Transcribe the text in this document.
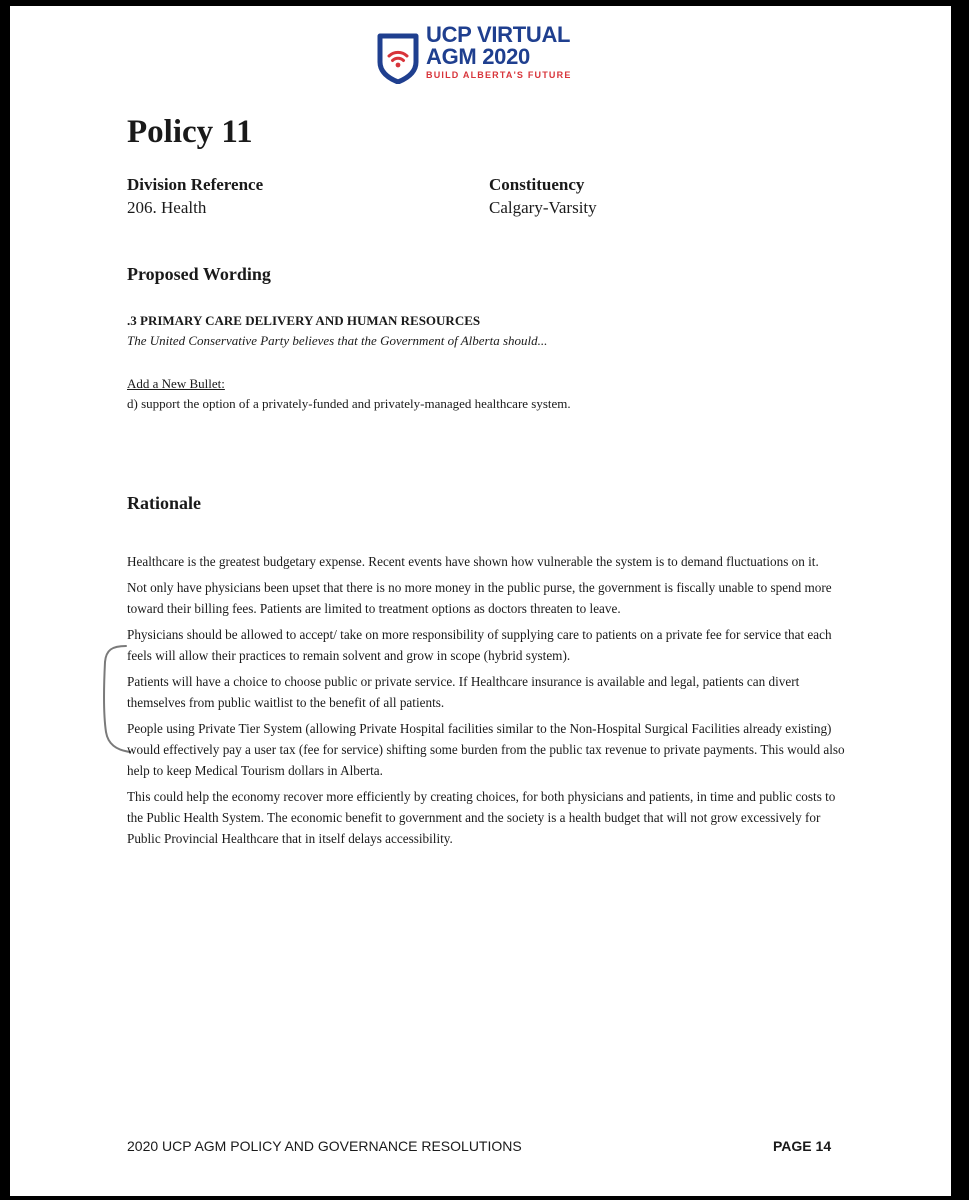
UCP VIRTUAL
AGM 2020
BUILD ALBERTA'S FUTURE
Policy 11
Division Reference
206. Health
Constituency
Calgary-Varsity
Proposed Wording
.3 PRIMARY CARE DELIVERY AND HUMAN RESOURCES
The United Conservative Party believes that the Government of Alberta should...
Add a New Bullet:
d) support the option of a privately-funded and privately-managed healthcare system.
Rationale

Healthcare is the greatest budgetary expense. Recent events have shown how vulnerable the system is to demand fluctuations on it.

Not only have physicians been upset that there is no more money in the public purse, the government is fiscally unable to spend more toward their billing fees. Patients are limited to treatment options as doctors threaten to leave.

Physicians should be allowed to accept/ take on more responsibility of supplying care to patients on a private fee for service that each feels will allow their practices to remain solvent and grow in scope (hybrid system).

Patients will have a choice to choose public or private service. If Healthcare insurance is available and legal, patients can divert themselves from public waitlist to the benefit of all patients.

People using Private Tier System (allowing Private Hospital facilities similar to the Non-Hospital Surgical Facilities already existing) would effectively pay a user tax (fee for service) shifting some burden from the public tax revenue to private payments. This would also help to keep Medical Tourism dollars in Alberta.

This could help the economy recover more efficiently by creating choices, for both physicians and patients, in time and public costs to the Public Health System. The economic benefit to government and the society is a health budget that will not grow excessively for Public Provincial Healthcare that in itself delays accessibility.

2020 UCP AGM POLICY AND GOVERNANCE RESOLUTIONS	PAGE 14
